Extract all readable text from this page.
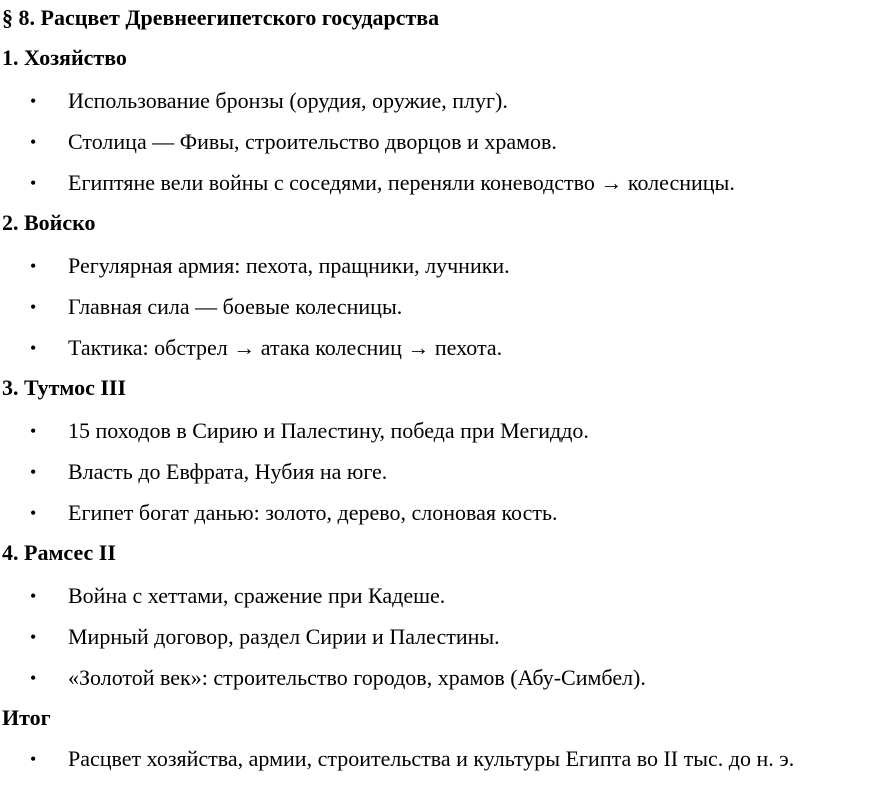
§ 8. Расцвет Древнеегипетского государства
1. Хозяйство
• Использование бронзы (орудия, оружие, плуг).
• Столица — Фивы, строительство дворцов и храмов.
• Египтяне вели войны с соседями, переняли коневодство → колесницы.
2. Войско
• Регулярная армия: пехота, пращники, лучники.
• Главная сила — боевые колесницы.
• Тактика: обстрел → атака колесниц → пехота.
3. Тутмос III
• 15 походов в Сирию и Палестину, победа при Мегиддо.
• Власть до Евфрата, Нубия на юге.
• Египет богат данью: золото, дерево, слоновая кость.
4. Рамсес II
• Война с хеттами, сражение при Кадеше.
• Мирный договор, раздел Сирии и Палестины.
• «Золотой век»: строительство городов, храмов (Абу-Симбел).
Итог
• Расцвет хозяйства, армии, строительства и культуры Египта во II тыс. до н. э.
